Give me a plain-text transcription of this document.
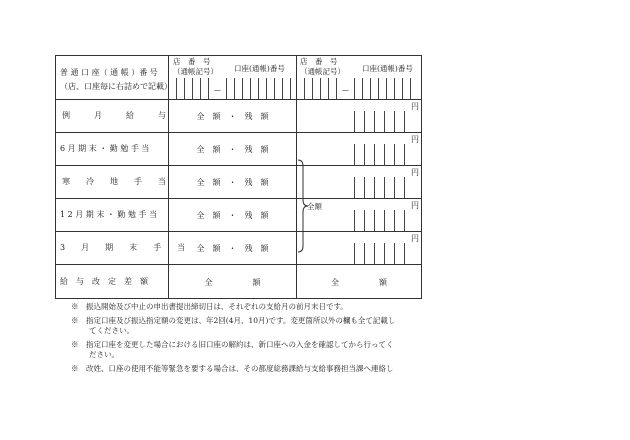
普 通 口 座（ 通 帳 ）番 号
（店、口座毎に右詰めで記載）
店　番　号
（通帳記号） 口座(通帳)番号
店　番　号
（通帳記号） 口座(通帳)番号
—	—
例　　　月　　　給　　　与
6 月 期 末 ・ 勤 勉 手 当
寒　　冷　　地　　手　　当
1 2 月 期 末 ・ 勤 勉 手 当
3　　月　　期　　末　　手　　当
給　与　改　定　差　額
全　額　・　残　額
全　額　・　残　額
全　額　・　残　額
全　額　・　残　額
全　額　・　残　額
全　　　　　額	全　　　　　額
円
円
円
円
円
全額
※　振込開始及び中止の申出書提出締切日は、それぞれの支給月の前月末日です。
※　指定口座及び振込指定額の変更は、年2回(4月、10月)です。変更箇所以外の欄も全て記載し
てください。
※　指定口座を変更した場合における旧口座の解約は、新口座への入金を確認してから行ってく
ださい。
※　改姓、口座の使用不能等緊急を要する場合は、その都度総務課給与支給事務担当課へ連絡し
